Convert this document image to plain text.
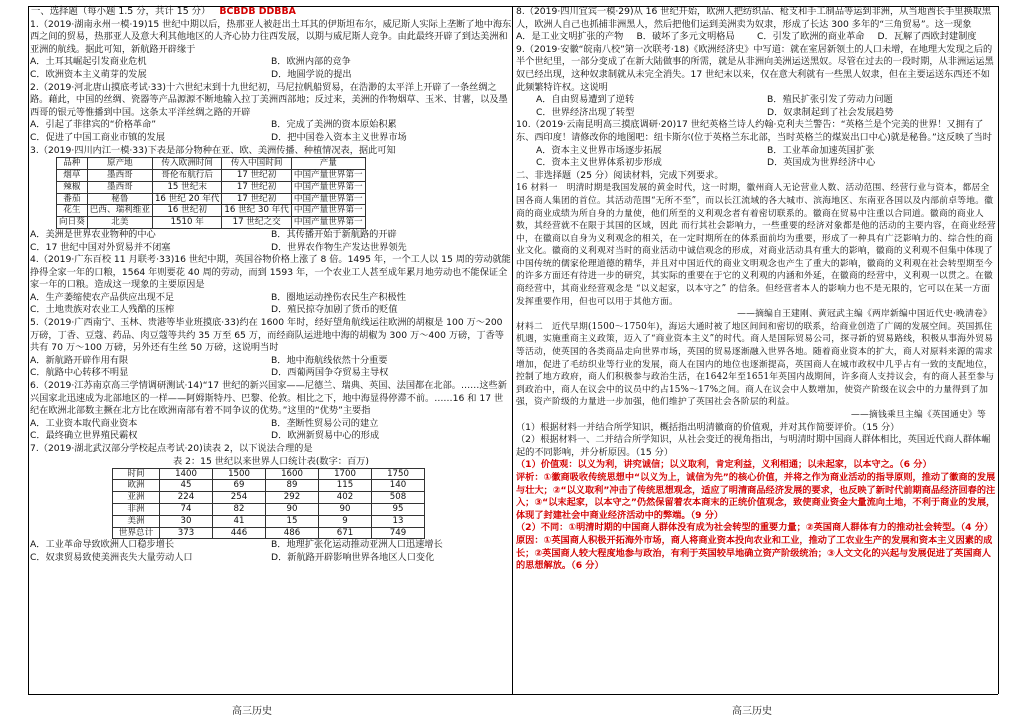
一、选择题（每小题 1.5 分，共计 15 分） BCBDB DDBBA

1.（2019·湖南永州一模·19)15 世纪中期以后，热那亚人被赶出土耳其的伊斯坦布尔，威尼斯人实际上垄断了地中海东西之间的贸易，热那亚人及意大利其他地区的人齐心协力往西发展，以期与威尼斯人竞争。由此最终开辟了到达美洲和亚洲的航线。据此可知，新航路开辟缘于

A．土耳其崛起引发商业危机	B．欧洲内部的竞争
C．欧洲资本主义萌芽的发展	D．地圆学说的提出

2.（2019·河北唐山摸底考试·33)十六世纪末到十九世纪初，马尼拉帆船贸易，在浩渺的太平洋上开辟了一条丝绸之路。藉此，中国的丝绸、瓷器等产品源源不断地输入拉丁美洲西部地；反过来，美洲的作物烟草、玉米、甘薯，以及墨西哥的银元等惟播到中国。这条太平洋丝绸之路的开辟

A．引起了菲律宾的“价格革命”	B．完成了美洲的资本原始积累
C．促进了中国工商业市镇的发展	D．把中国卷入资本主义世界市场

3.（2019·四川内江一模·33)下表是部分物种在亚、欧、美洲传播、种植情况表，据此可知

品种	原产地	传入欧洲时间	传入中国时间	产量
烟草	墨西哥	哥伦布航行后	17 世纪初	中国产量世界第一
辣椒	墨西哥	15 世纪末	17 世纪初	中国产量世界第一
番茄	秘鲁	16 世纪 20 年代	17 世纪初	中国产量世界第一
花生	巴西、瑞利维亚	16 世纪初	16 世纪 30 年代	中国产量世界第一
向日葵	北美	1510 年	17 世纪之交	中国产量世界第一
A．美洲是世界农业物种的中心	B．其传播开始于新航路的开辟
C．17 世纪中国对外贸易并不闭塞	D．世界农作物生产发达世界领先

4.（2019·广东百校 11 月联考·33)16 世纪中期，英国谷物价格上涨了 8 倍。1495 年，一个工人以 15 周的劳动就能挣得全家一年的口粮，1564 年则要花 40 周的劳动，而到 1593 年，一个农业工人甚至成年累月地劳动也不能保证全家一年的口粮。造成这一现象的主要原因是

A．生产萎缩使农产品供应出现不足	B．圈地运动挫伤农民生产积极性
C．土地贵族对农业工人残酷的压榨	D．殖民掠夺加剧了货币的贬值

5.（2019·广西南宁、玉林、贵港等毕业班摸底·33)约在 1600 年时，经好望角航线运往欧洲的胡椒是 100 万～200 万磅，丁香、豆蔻、药品、肉豆蔻等共约 35 万至 65 万，而经商队运进地中海的胡椒为 300 万～400 万磅，丁香等共有 70 万～100 万磅，另外还有生丝 50 万磅，这说明当时

A．新航路开辟作用有限	B．地中海航线依然十分重要
C．航路中心转移不明显	D．西葡两国争夺贸易主导权

6.（2019·江苏南京高三学情调研测试·14)“17 世纪的新兴国家——尼德兰、瑞典、英国、法国都在北部。……这些新兴国家北迅速成为北部地区的一样——阿姆斯特丹、巴黎、伦敦。相比之下，地中海显得停滞不前。……16 和 17 世纪在欧洲北部数主撅在北方比在欧洲南部有着不同争议的优势。”这里的“优势”主要指

A．工业资本取代商业资本	B．垄断性贸易公司的建立
C．最终确立世界殖民霸权	D．欧洲新贸易中心的形成

7.（2019·湖北武汉部分学校起点考试·20)读表 2，以下说法合理的是

表 2：15 世纪以来世界人口统计表(数字：百万)
时间	1400	1500	1600	1700	1750
欧洲	45	69	89	115	140
亚洲	224	254	292	402	508
非洲	74	82	90	90	95
美洲	30	41	15	9	13
世界总计	373	446	486	671	749
A．工业革命导致欧洲人口稳步增长	B．地理扩张化运动推动亚洲人口迅速增长
C．奴隶贸易致使美洲丧失大量劳动人口	D．新航路开辟影响世界各地区人口变化

8.（2019·四川宜宾一模·29)从 16 世纪开始，欧洲人把纺织品、枪支和手工制品等运到非洲，从当地酋长手里换取黑人，欧洲人自己也抓捕非洲黑人，然后把他们运到美洲卖为奴隶，形成了长达 300 多年的“三角贸易”。这一现象

A．是工业文明扩张的产物	B．破坏了多元文明格局	C．引发了欧洲的商业革命	D．瓦解了西欧封建制度

9.（2019·安徽“皖南八校”第一次联考·18)《欧洲经济史》中写道：就在室居新领土的人口未增，在地理大发现之后的半个世纪里，一部分变成了在新大陆做事的所需，就是从非洲向美洲运送黑奴。尽管在过去的一段时期，从非洲运运黑奴已经出现，这种奴隶制就从未完全消失。17 世纪末以来，仅在意大利就有一些黑人奴隶，但在主要运送东西还不如此频繁特许权。这说明

A．自由贸易遭到了逆转	B．殖民扩张引发了劳动力问题
C．世界经济出现了转型	D．奴隶制起到了社会发展趋势

10.（2019·云南昆明高三摸底调研·20)17 世纪英格兰诗人约翰·克利夫兰警告：“英格兰是个完美的世界！又拥有了东、西印度！请修改你的地图吧：纽卡斯尔(位于英格兰东北部，当时英格兰的煤炭出口中心)就是秘鲁。”这反映了当时

A．资本主义世界市场逐步拓展	B．工业革命加速英国扩张
C．资本主义世界体系初步形成	D．英国成为世界经济中心
二、非选择题（25 分）阅读材料，完成下列要求。
16 材料一　明清时期是我国发展的黄金时代，这一时期，徽州商人无论营业人数、活动范围、经营行业与资本，都居全国各商人集团的首位。其活动范围“无所不至”，而以长江流域的各大城市、滨海地区、东南亚各国以及内部前卓等地。徽商的商业成绩为所自身的力量使，他们所至的义利观念者有着密切联系的。徽商在贸易中注重以合同道。徽商的商业人数，其经营就不在限于其国的区域，因此 而行其社会影响力，一些重要的经济对象都是他的活动的主要内容，在商业经营中，在徽商以自身为义利观念的相关，在一定时期所在的体系面前均为重要，形成了一种具有广泛影响力的、综合性的商业文化。徽商的义利观对当时的商业活动中诚信观念的形成，对商业活动具有重大的影响，徽商的义利观不但集中体现了中国传统的儒家伦理道德的精华，并且对中国近代的商业文明观念也产生了重大的影响，徽商的义利观在社会转型期至今的许多方面还有待进一步的研究，其实际的重要在于它的义利观的内涵和外延，在徽商的经营中，义利观一以贯之。在徽商经营中，其商业经营观念是 “以义起家，以本守之” 的信条。但经营者本人的影响力也不是无限的，它可以在某一方面发挥重要作用，但也可以用于其他方面。
——摘编自王建刚、黄冠武主编《两岸新编中国近代史·晚清卷》
材料二　近代早期(1500～1750年)，海运大通时被了地区间间和密切的联系，给商业创造了广阔的发展空间。英国抓住机遇，实施重商主义政策，迈入了“商业资本主义”的时代。商人是国际贸易公司，探寻新的贸易路线，积极从事海外贸易等活动，使英国的各类商品走向世界市场，英国的贸易逐渐融入世界各地。随着商业资本的扩大，商人对原料来源的需求增加，促进了毛纺织业等行业的发展，商人在国内的地位也逐渐提高，英国商人在城市政权中几乎占有一致的支配地位，控制了地方政府，商人们积极参与政治生活，在1642年至1651年英国内战期间，许多商人支持议会，有的商人甚至参与到政治中，商人在议会中的议员中约占15%～17%之间。商人在议会中人数增加，使资产阶级在议会中的力量得到了加强，资产阶级的力量进一步加强，他们维护了英国社会各阶层的利益。
——摘钱乘旦主编《英国通史》等
（1）根据材料一并结合所学知识，概括指出明清徽商的价值观，并对其作简要评价。（15 分）
（2）根据材料一、二并结合所学知识，从社会变迁的视角指出，与明清时期中国商人群体相比，英国近代商人群体崛起的不同影响，并分析原因。（15 分）
（1）价值观：以义为利，讲究诚信；以义取利，肯定利益，义利相通；以未起家，以本守之。（6 分）
评析：①徽商吸收传统思想中“以义为上，诚信为先”的核心价值，并将之作为商业活动的指导原则，推动了徽商的发展与壮大；②“以义取利”冲击了传统思想观念，适应了明清商品经济发展的要求，也反映了新时代前期商品经济回春的注入；③“以末起家，以本守之”仍然保留着农本商末的正统价值观念，致使商业资金大量流向土地，不利于商业的发展，体现了封建社会中商业经济活动中的弊端。（9 分）
（2）不同：①明清时期的中国商人群体没有成为社会转型的重要力量；②英国商人群体有力的推动社会转型。（4 分）
原因：①英国商人积极开拓海外市场，商人将商业资本投向农业和工业，推动了工农业生产的发展和资本主义因素的成长；②英国商人较大程度地参与政治，有利于英国较早地确立资产阶级统治；③人文文化的兴起与发展促进了英国商人的思想解放。（6 分）
高三历史	高三历史
